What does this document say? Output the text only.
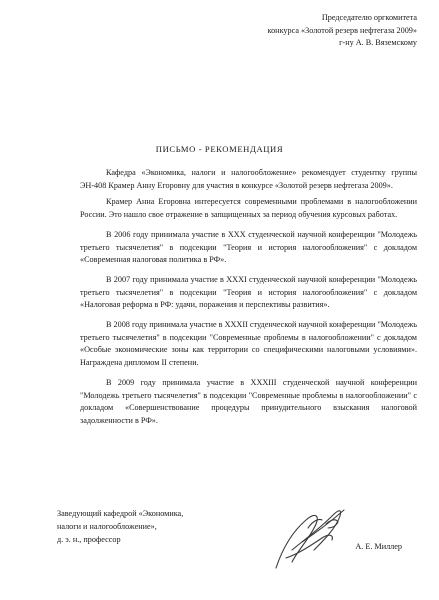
Председателю оргкомитета
конкурса «Золотой резерв нефтегаза 2009»
г-ну А. В. Вяземскому
ПИСЬМО - РЕКОМЕНДАЦИЯ

Кафедра «Экономика, налоги и налогообложение» рекомендует студентку группы ЭН-408 Крамер Анну Егоровну для участия в конкурсе «Золотой резерв нефтегаза 2009».

Крамер Анна Егоровна интересуется современными проблемами в налогообложении России. Это нашло свое отражение в запщищенных за период обучения курсовых работах.

В 2006 году принимала участие в XXX студенческой научной конференции "Молодежь третьего тысячелетия" в подсекции "Теория и история налогообложения" с докладом «Современная налоговая политика в РФ».

В 2007 году принимала участие в XXXI студенческой научной конференции "Молодежь третьего тысячелетия" в подсекции "Теория и история налогообложения" с докладом «Налоговая реформа в РФ: удачи, поражения и перспективы развития».

В 2008 году принимала участие в XXXII студенческой научной конференции "Молодежь третьего тысячелетия" в подсекции "Современные проблемы в налогообложении" с докладом «Особые экономические зоны как территории со специфическими налоговыми условиями». Награждена дипломом II степени.

В 2009 году принимала участие в XXXIII студенческой научной конференции "Молодежь третьего тысячелетия" в подсекции "Современные проблемы в налогообложении" с докладом «Совершенствование процедуры принудительного взыскания налоговой задолженности в РФ».

Заведующий кафедрой «Экономика,
налоги и налогообложение»,
д. э. н., профессор
А. Е. Миллер
